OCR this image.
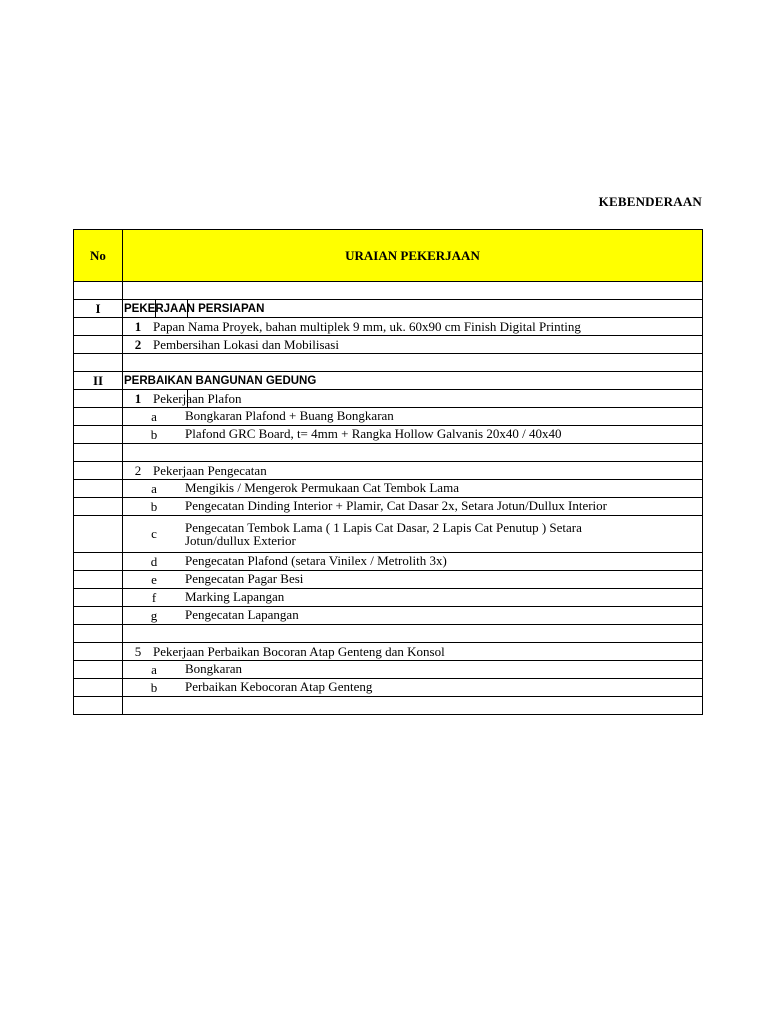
KEBENDERAAN
No	URAIAN PEKERJAAN

I	PEKERJAAN PERSIAPAN

	1 Papan Nama Proyek, bahan multiplek 9 mm, uk. 60x90 cm Finish Digital Printing
	2 Pembersihan Lokasi dan Mobilisasi

II	PERBAIKAN BANGUNAN GEDUNG
	1 Pekerjaan Plafon

	a Bongkaran Plafond + Buang Bongkaran
	b Plafond GRC Board, t= 4mm + Rangka Hollow Galvanis 20x40 / 40x40

	2 Pekerjaan Pengecatan
	a Mengikis / Mengerok Permukaan Cat Tembok Lama
	b Pengecatan Dinding Interior + Plamir, Cat Dasar 2x, Setara Jotun/Dullux Interior
	c Pengecatan Tembok Lama ( 1 Lapis Cat Dasar, 2 Lapis Cat Penutup ) Setara Jotun/dullux Exterior
	d Pengecatan Plafond (setara Vinilex / Metrolith 3x)
	e Pengecatan Pagar Besi
	f Marking Lapangan
	g Pengecatan Lapangan

	5 Pekerjaan Perbaikan Bocoran Atap Genteng dan Konsol
	a Bongkaran
	b Perbaikan Kebocoran Atap Genteng
